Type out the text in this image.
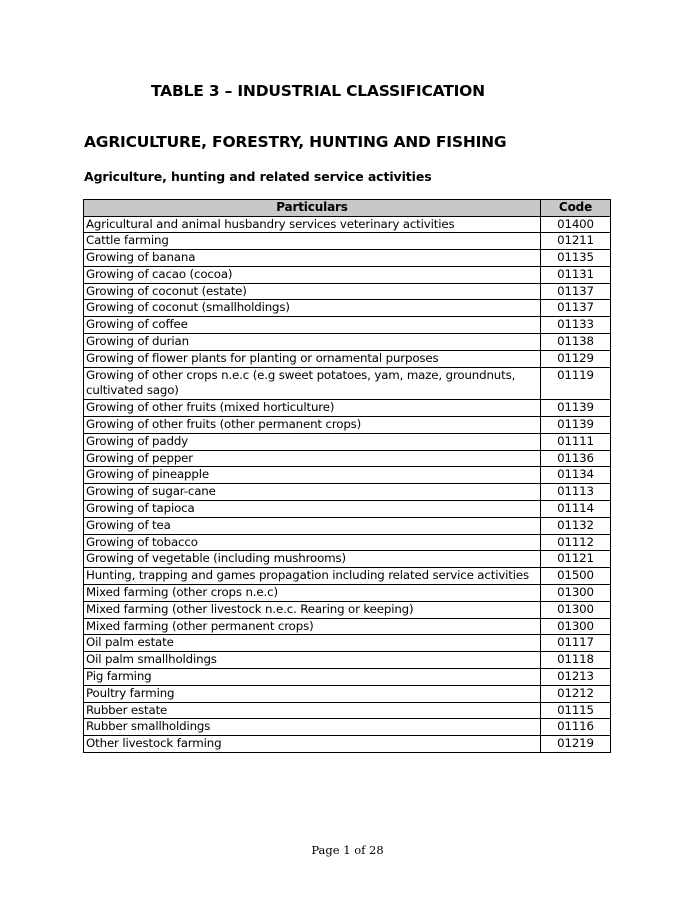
TABLE 3 – INDUSTRIAL CLASSIFICATION
AGRICULTURE, FORESTRY, HUNTING AND FISHING
Agriculture, hunting and related service activities
Particulars	Code
Agricultural and animal husbandry services veterinary activities	01400
Cattle farming	01211
Growing of banana	01135
Growing of cacao (cocoa)	01131
Growing of coconut (estate)	01137
Growing of coconut (smallholdings)	01137
Growing of coffee	01133
Growing of durian	01138
Growing of flower plants for planting or ornamental purposes	01129
Growing of other crops n.e.c (e.g sweet potatoes, yam, maze, groundnuts, cultivated sago)	01119
Growing of other fruits (mixed horticulture)	01139
Growing of other fruits (other permanent crops)	01139
Growing of paddy	01111
Growing of pepper	01136
Growing of pineapple	01134
Growing of sugar-cane	01113
Growing of tapioca	01114
Growing of tea	01132
Growing of tobacco	01112
Growing of vegetable (including mushrooms)	01121
Hunting, trapping and games propagation including related service activities	01500
Mixed farming (other crops n.e.c)	01300
Mixed farming (other livestock n.e.c. Rearing or keeping)	01300
Mixed farming (other permanent crops)	01300
Oil palm estate	01117
Oil palm smallholdings	01118
Pig farming	01213
Poultry farming	01212
Rubber estate	01115
Rubber smallholdings	01116
Other livestock farming	01219
Page 1 of 28
